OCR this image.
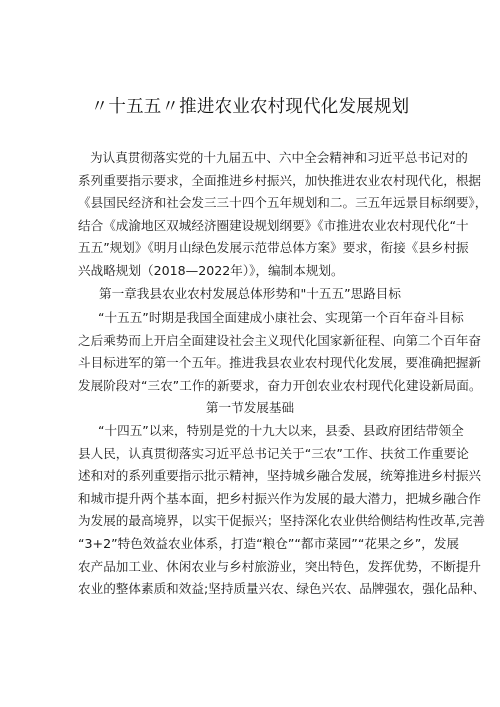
〃十五五〃推进农业农村现代化发展规划
为认真贯彻落实党的十九届五中、六中全会精神和习近平总书记对的
系列重要指示要求，全面推进乡村振兴，加快推进农业农村现代化，根据
《县国民经济和社会发三三十四个五年规划和二。三五年远景目标纲要》，
结合《成渝地区双城经济圈建设规划纲要》《市推进农业农村现代化“十
五五”规划》《明月山绿色发展示范带总体方案》要求，衔接《县乡村振
兴战略规划（2018—2022年）》，编制本规划。
第一章我县农业农村发展总体形势和"十五五”思路目标
“十五五”时期是我国全面建成小康社会、实现第一个百年奋斗目标
之后乘势而上开启全面建设社会主义现代化国家新征程、向第二个百年奋
斗目标进军的第一个五年。推进我县农业农村现代化发展，要准确把握新
发展阶段对“三农”工作的新要求，奋力开创农业农村现代化建设新局面。
第一节发展基础
“十四五”以来，特别是党的十九大以来，县委、县政府团结带领全
县人民，认真贯彻落实习近平总书记关于“三农”工作、扶贫工作重要论
述和对的系列重要指示批示精神，坚持城乡融合发展，统筹推进乡村振兴
和城市提升两个基本面，把乡村振兴作为发展的最大潜力，把城乡融合作
为发展的最高境界，以实干促振兴；坚持深化农业供给侧结构性改革,完善
“3+2”特色效益农业体系，打造“粮仓”“都市菜园”“花果之乡”，发展
农产品加工业、休闲农业与乡村旅游业，突出特色，发挥优势，不断提升
农业的整体素质和效益;坚持质量兴农、绿色兴农、品牌强农，强化品种、
